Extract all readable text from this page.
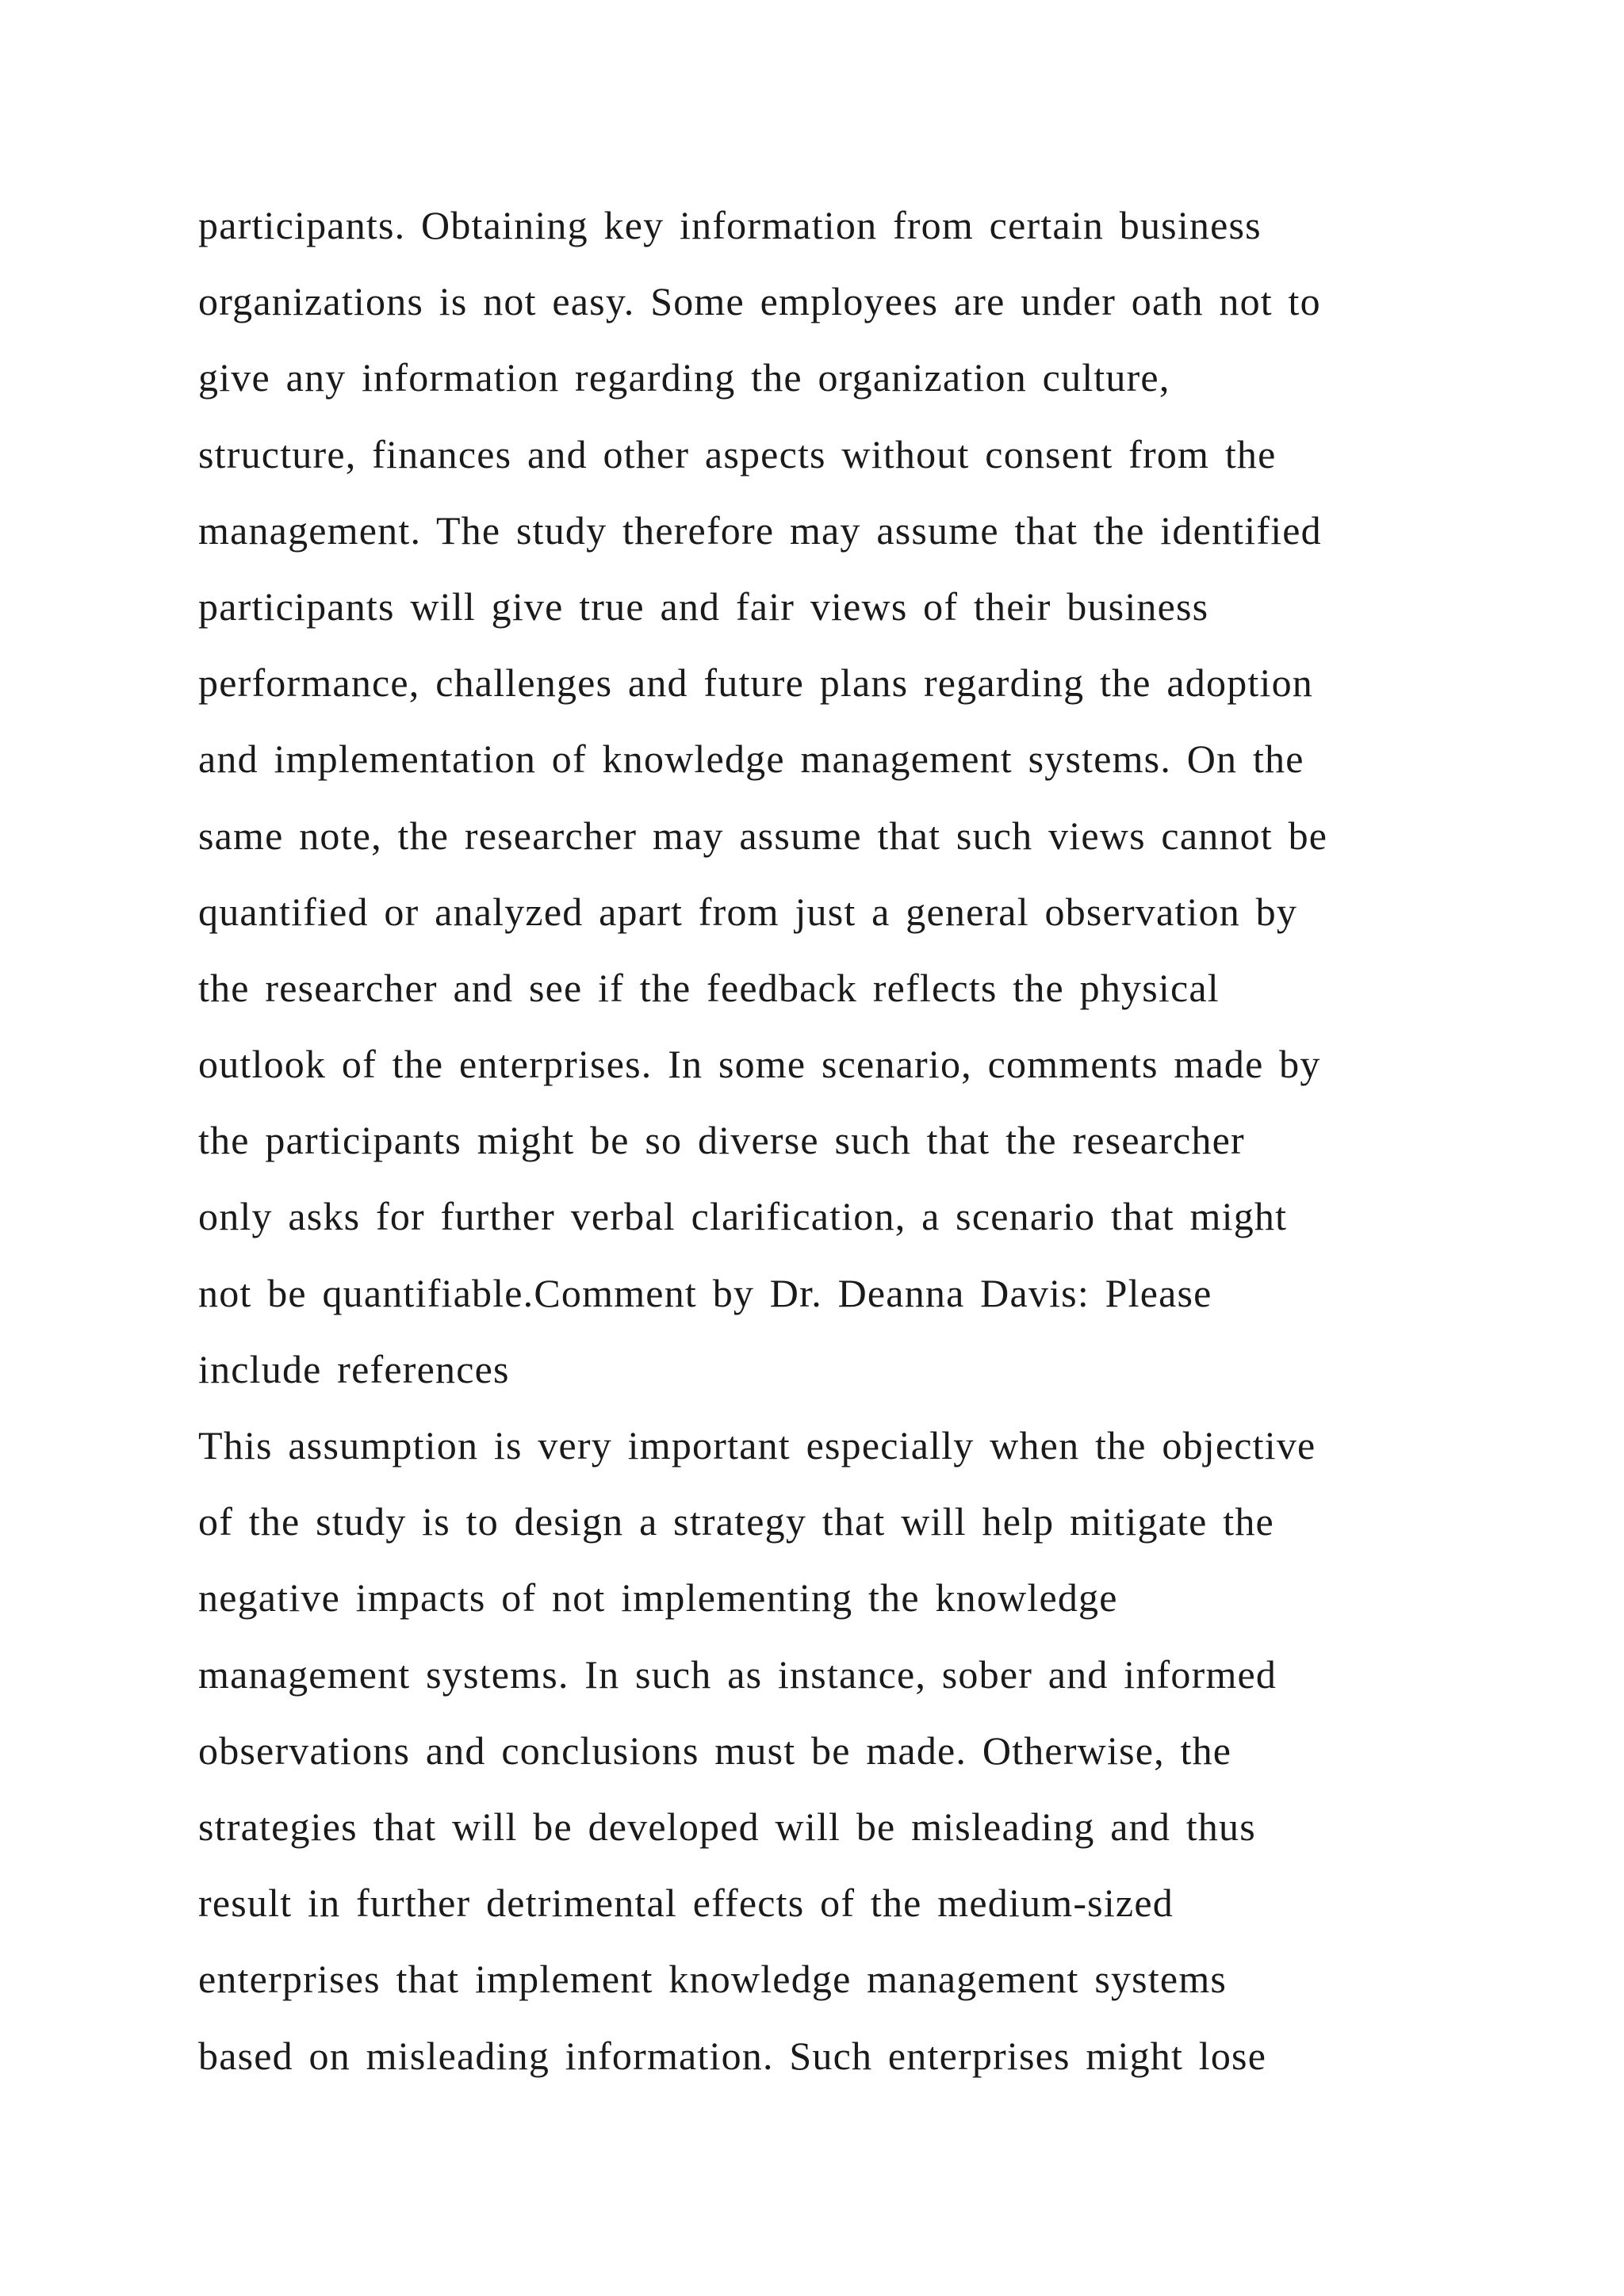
participants. Obtaining key information from certain business
organizations is not easy. Some employees are under oath not to
give any information regarding the organization culture,
structure, finances and other aspects without consent from the
management. The study therefore may assume that the identified
participants will give true and fair views of their business
performance, challenges and future plans regarding the adoption
and implementation of knowledge management systems. On the
same note, the researcher may assume that such views cannot be
quantified or analyzed apart from just a general observation by
the researcher and see if the feedback reflects the physical
outlook of the enterprises. In some scenario, comments made by
the participants might be so diverse such that the researcher
only asks for further verbal clarification, a scenario that might
not be quantifiable.Comment by Dr. Deanna Davis: Please
include references
This assumption is very important especially when the objective
of the study is to design a strategy that will help mitigate the
negative impacts of not implementing the knowledge
management systems. In such as instance, sober and informed
observations and conclusions must be made. Otherwise, the
strategies that will be developed will be misleading and thus
result in further detrimental effects of the medium-sized
enterprises that implement knowledge management systems
based on misleading information. Such enterprises might lose
